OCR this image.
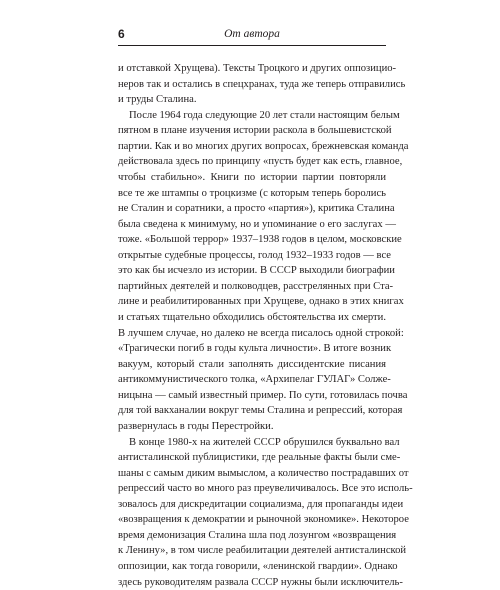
6	От автора
и отставкой Хрущева). Тексты Троцкого и других оппозицио-
неров так и остались в спецхранах, туда же теперь отправились
и труды Сталина.
После 1964 года следующие 20 лет стали настоящим белым
пятном в плане изучения истории раскола в большевистской
партии. Как и во многих других вопросах, брежневская команда
действовала здесь по принципу «пусть будет как есть, главное,
чтобы стабильно». Книги по истории партии повторяли
все те же штампы о троцкизме (с которым теперь боролись
не Сталин и соратники, а просто «партия»), критика Сталина
была сведена к минимуму, но и упоминание о его заслугах —
тоже. «Большой террор» 1937–1938 годов в целом, московские
открытые судебные процессы, голод 1932–1933 годов — все
это как бы исчезло из истории. В СССР выходили биографии
партийных деятелей и полководцев, расстрелянных при Ста-
лине и реабилитированных при Хрущеве, однако в этих книгах
и статьях тщательно обходились обстоятельства их смерти.
В лучшем случае, но далеко не всегда писалось одной строкой:
«Трагически погиб в годы культа личности». В итоге возник
вакуум, который стали заполнять диссидентские писания
антикоммунистического толка, «Архипелаг ГУЛАГ» Солже-
ницына — самый известный пример. По сути, готовилась почва
для той вакханалии вокруг темы Сталина и репрессий, которая
развернулась в годы Перестройки.
В конце 1980-х на жителей СССР обрушился буквально вал
антисталинской публицистики, где реальные факты были сме-
шаны с самым диким вымыслом, а количество пострадавших от
репрессий часто во много раз преувеличивалось. Все это исполь-
зовалось для дискредитации социализма, для пропаганды идеи
«возвращения к демократии и рыночной экономике». Некоторое
время демонизация Сталина шла под лозунгом «возвращения
к Ленину», в том числе реабилитации деятелей антисталинской
оппозиции, как тогда говорили, «ленинской гвардии». Однако
здесь руководителям развала СССР нужны были исключитель-
